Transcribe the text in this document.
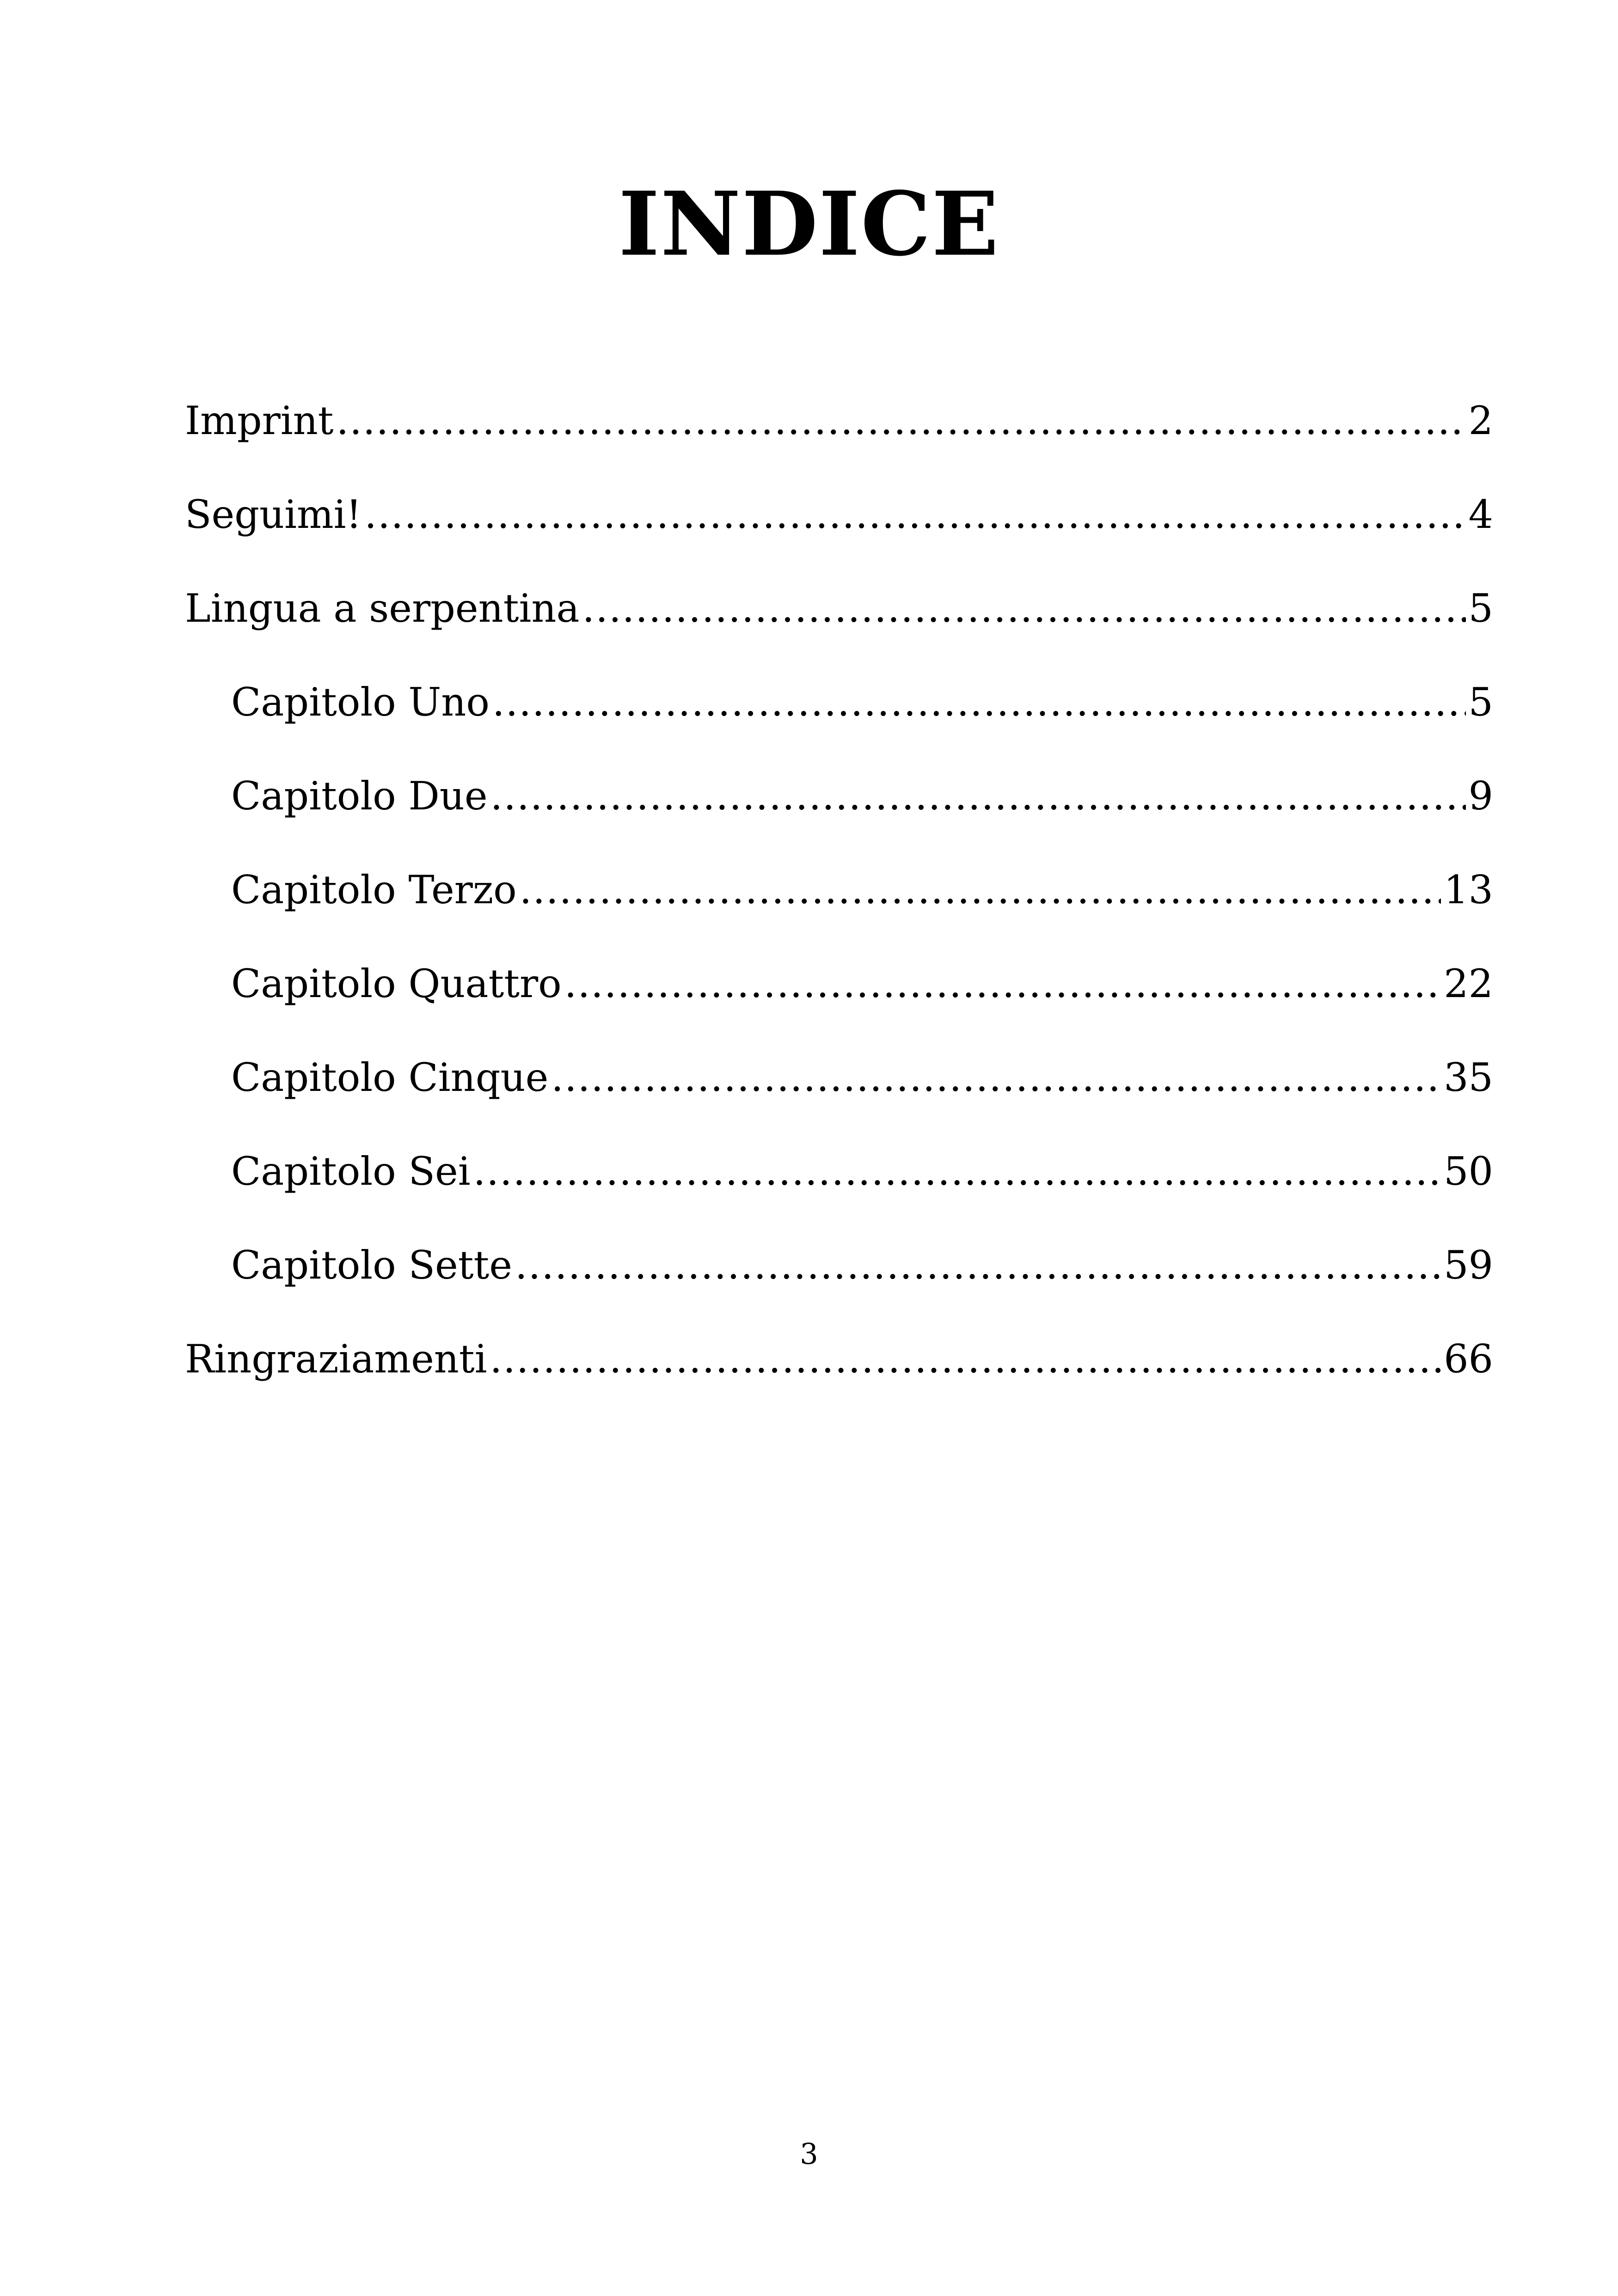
INDICE
Imprint .....	2
Seguimi! .....	4
Lingua a serpentina .....	5
Capitolo Uno .....	5
Capitolo Due .....	9
Capitolo Terzo .....	13
Capitolo Quattro .....	22
Capitolo Cinque .....	35
Capitolo Sei .....	50
Capitolo Sette .....	59
Ringraziamenti .....	66
3
